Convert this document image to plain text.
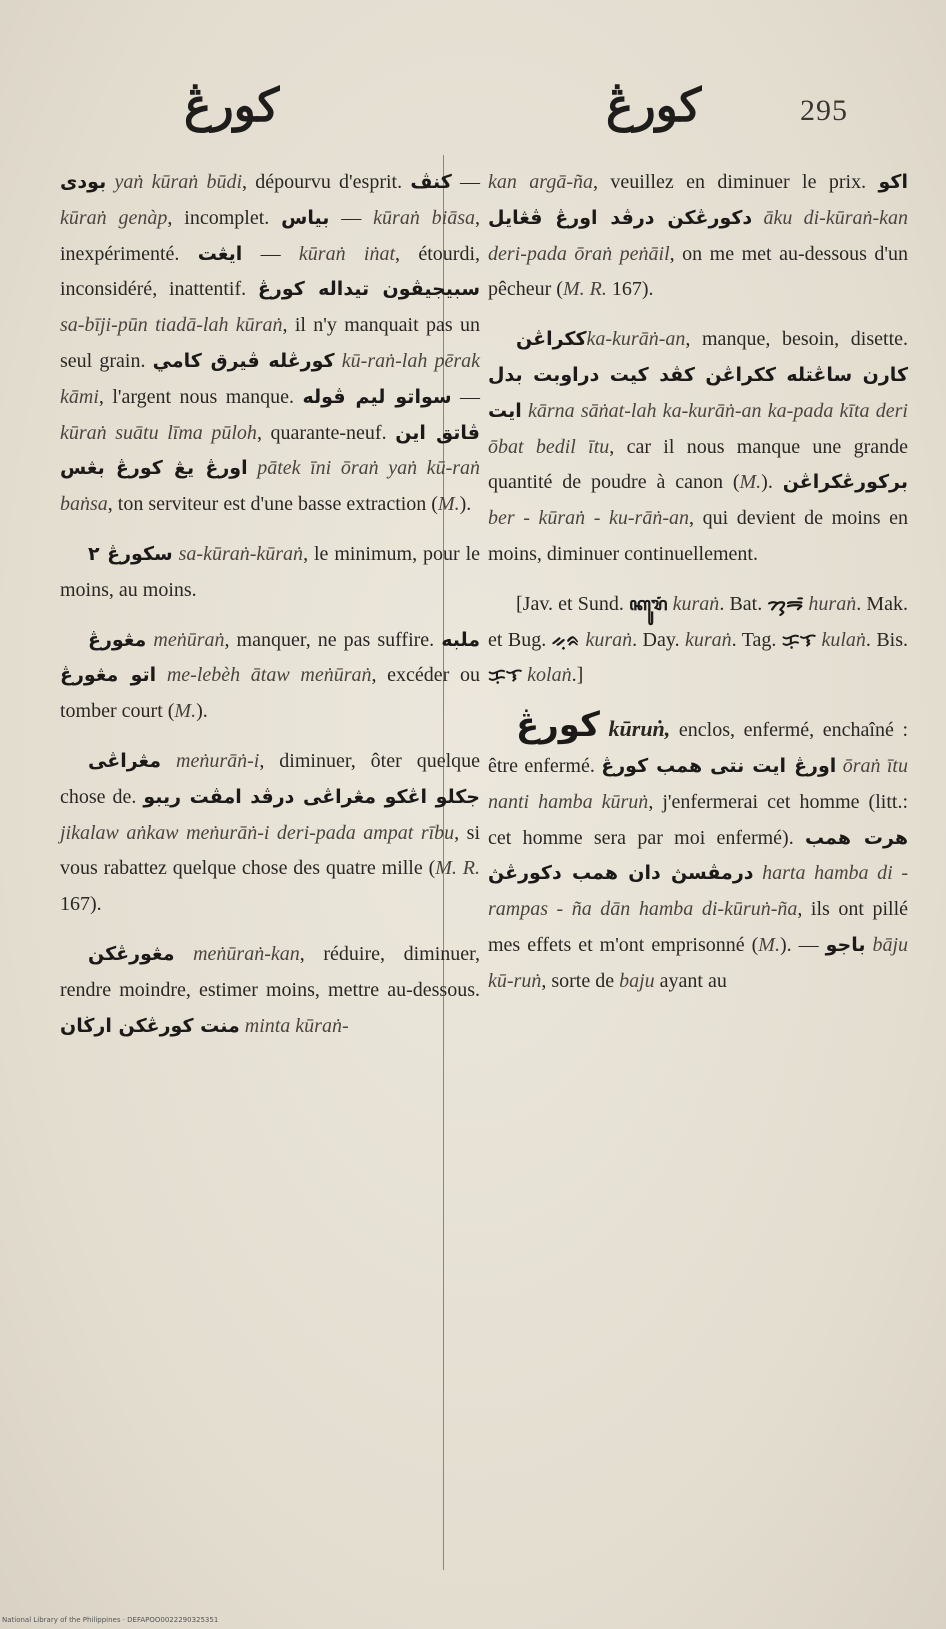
كورڠ	كورڠ	295

بودى yaṅ kūraṅ būdi, dépourvu d'esprit. كنڤ — kūraṅ genàp, incomplet. بياس — kūraṅ biāsa, inexpérimenté. ايڠت — kūraṅ iṅat, étourdi, inconsidéré, inattentif. سبيجيڤون تيداله كورڠ sa-bīji-pūn tiadā-lah kūraṅ, il n'y manquait pas un seul grain. كورڠله ڤيرق كامي kū-raṅ-lah pērak kāmi, l'argent nous manque. سواتو ليم ڤوله — kūraṅ suātu līma pūloh, quarante-neuf. ڤاتق اين اورڠ يڠ كورڠ بڠس pātek īni ōraṅ yaṅ kū-raṅ baṅsa, ton serviteur est d'une basse extraction (M.).

سكورڠ ٢ sa-kūraṅ-kūraṅ, le minimum, pour le moins, au moins.

مڠورڠ meṅūraṅ, manquer, ne pas suffire. ملبه اتو مڠورڠ me-lebèh ātaw meṅūraṅ, excéder ou tomber court (M.).

مڠراڠى meṅurāṅ-i, diminuer, ôter quelque chose de. جكلو اڠكو مڠراڠى درڤد امڤت ريبو jikalaw aṅkaw meṅurāṅ-i deri-pada ampat rību, si vous rabattez quelque chose des quatre mille (M. R. 167).

مڠورڠكن meṅūraṅ-kan, réduire, diminuer, rendre moindre, estimer moins, mettre au-dessous. منت كورڠكن ارڬان minta kūraṅ-

kan argā-ña, veuillez en diminuer le prix. اكو دكورڠكن درڤد اورڠ ڤڠايل āku di-kūraṅ-kan deri-pada ōraṅ peṅāil, on me met au-dessous d'un pêcheur (M. R. 167).

ككراڠنka-kurāṅ-an, manque, besoin, disette. كارن ساڠتله ككراڠن كڤد كيت دراوبت بدل ايت kārna sāṅat-lah ka-kurāṅ-an ka-pada kīta deri ōbat bedil ītu, car il nous manque une grande quantité de poudre à canon (M.). بركورڠكراڠن ber - kūraṅ - ku-rāṅ-an, qui devient de moins en moins, diminuer continuellement.

[Jav. et Sund. ꦏꦸꦫꦁ kuraṅ. Bat. ᯂᯮᯒᯰ huraṅ. Mak. et Bug. ᨀᨘᨑ kuraṅ. Day. kuraṅ. Tag. ᜃᜓᜎ kulaṅ. Bis. ᜃᜓᜎ kolaṅ.]

كورڠ kūruṅ, enclos, enfermé, enchaîné : être enfermé. اورڠ ايت نتى همب كورڠ ōraṅ ītu nanti hamba kūruṅ, j'enfermerai cet homme (litt.: cet homme sera par moi enfermé). هرت همب درمڤسڽ دان همب دكورڠڽ harta hamba di - rampas - ña dān hamba di-kūruṅ-ña, ils ont pillé mes effets et m'ont emprisonné (M.). — باجو bāju kū-ruṅ, sorte de baju ayant au

National Library of the Philippines · DEFAPOO0022290325351
